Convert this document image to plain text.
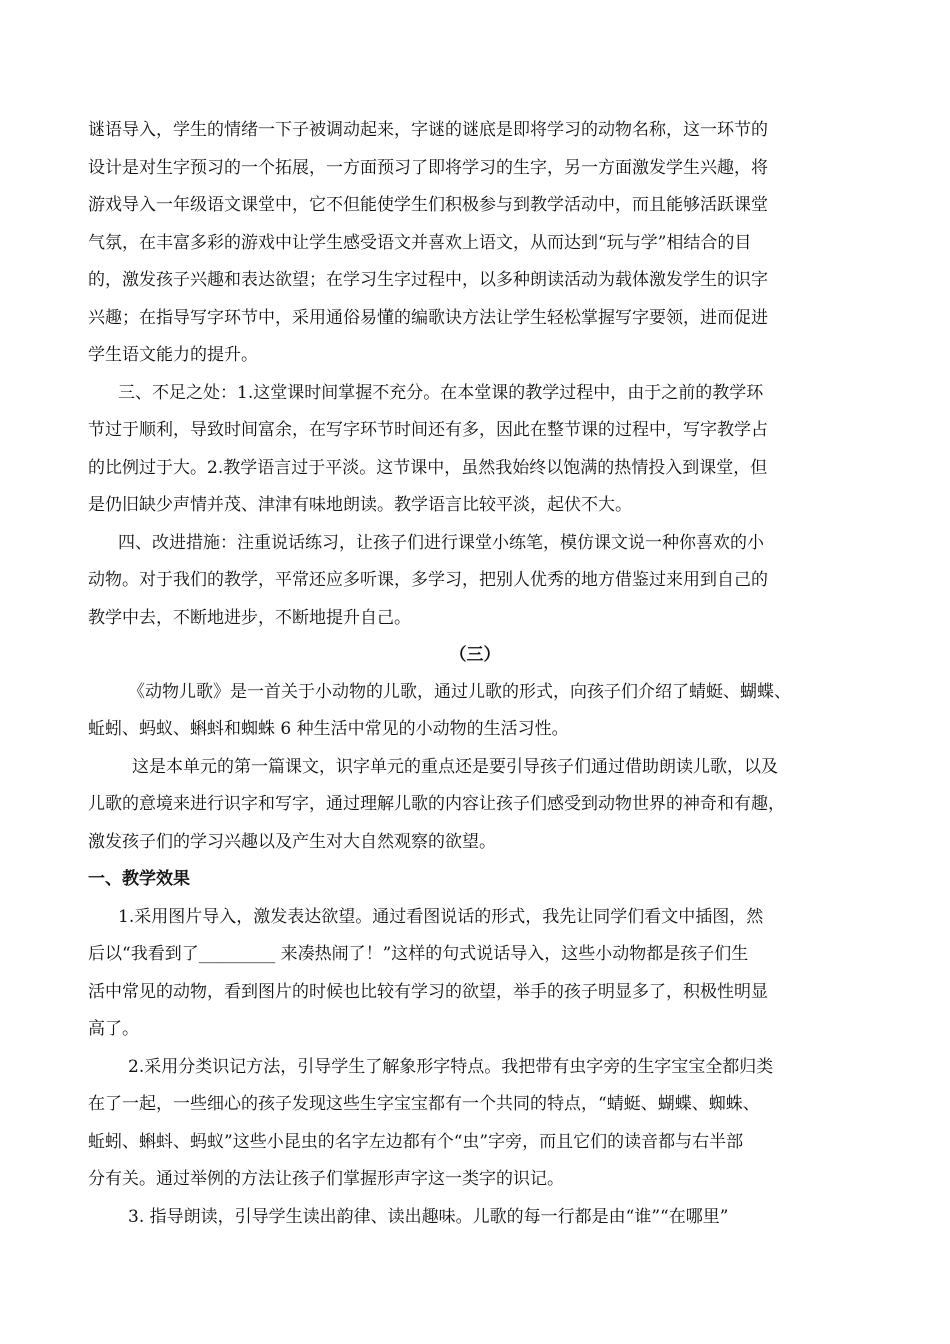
谜语导入，学生的情绪一下子被调动起来，字谜的谜底是即将学习的动物名称，这一环节的
设计是对生字预习的一个拓展，一方面预习了即将学习的生字，另一方面激发学生兴趣，将
游戏导入一年级语文课堂中，它不但能使学生们积极参与到教学活动中，而且能够活跃课堂
气氛，在丰富多彩的游戏中让学生感受语文并喜欢上语文，从而达到“玩与学”相结合的目
的，激发孩子兴趣和表达欲望；在学习生字过程中，以多种朗读活动为载体激发学生的识字
兴趣；在指导写字环节中，采用通俗易懂的编歌诀方法让学生轻松掌握写字要领，进而促进
学生语文能力的提升。
三、不足之处：1.这堂课时间掌握不充分。在本堂课的教学过程中，由于之前的教学环
节过于顺利，导致时间富余，在写字环节时间还有多，因此在整节课的过程中，写字教学占
的比例过于大。2.教学语言过于平淡。这节课中，虽然我始终以饱满的热情投入到课堂，但
是仍旧缺少声情并茂、津津有味地朗读。教学语言比较平淡，起伏不大。
四、改进措施：注重说话练习，让孩子们进行课堂小练笔，模仿课文说一种你喜欢的小
动物。对于我们的教学，平常还应多听课，多学习，把别人优秀的地方借鉴过来用到自己的
教学中去，不断地进步，不断地提升自己。
（三）
《动物儿歌》是一首关于小动物的儿歌，通过儿歌的形式，向孩子们介绍了蜻蜓、蝴蝶、
蚯蚓、蚂蚁、蝌蚪和蜘蛛 6 种生活中常见的小动物的生活习性。
这是本单元的第一篇课文，识字单元的重点还是要引导孩子们通过借助朗读儿歌，以及
儿歌的意境来进行识字和写字，通过理解儿歌的内容让孩子们感受到动物世界的神奇和有趣，
激发孩子们的学习兴趣以及产生对大自然观察的欲望。
一、教学效果
1.采用图片导入，激发表达欲望。通过看图说话的形式，我先让同学们看文中插图，然
后以“我看到了_________ 来凑热闹了！”这样的句式说话导入，这些小动物都是孩子们生
活中常见的动物，看到图片的时候也比较有学习的欲望，举手的孩子明显多了，积极性明显
高了。
2.采用分类识记方法，引导学生了解象形字特点。我把带有虫字旁的生字宝宝全都归类
在了一起，一些细心的孩子发现这些生字宝宝都有一个共同的特点，“蜻蜓、蝴蝶、蜘蛛、
蚯蚓、蝌蚪、蚂蚁”这些小昆虫的名字左边都有个“虫”字旁，而且它们的读音都与右半部
分有关。通过举例的方法让孩子们掌握形声字这一类字的识记。
3. 指导朗读，引导学生读出韵律、读出趣味。儿歌的每一行都是由“谁”“在哪里”
